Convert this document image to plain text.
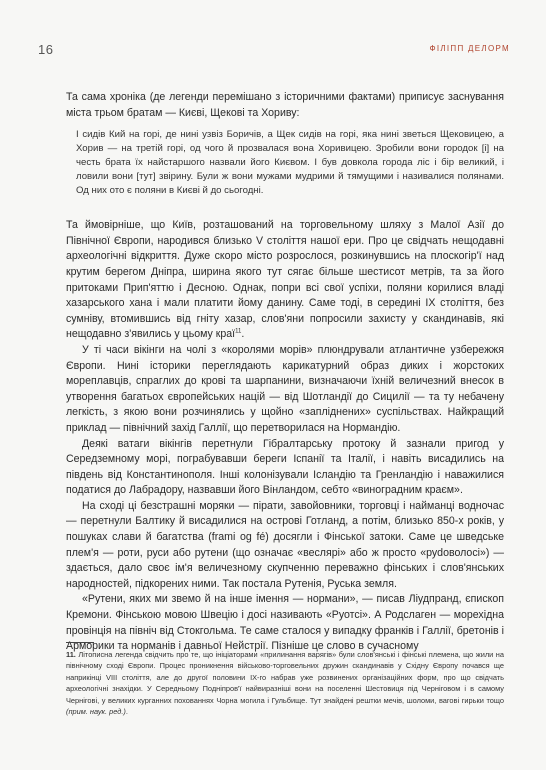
16	ФІЛІПП ДЕЛОРМ

Та сама хроніка (де легенди перемішано з історичними фактами) приписує заснування міста трьом братам — Києві, Щекові та Хориву:

І сидів Кий на горі, де нині узвіз Боричів, а Щек сидів на горі, яка нині зветься Щековицею, а Хорив — на третій горі, од чого й прозвалася вона Хоривицею. Зробили вони городок [і] на честь брата їх найстаршого назвали його Києвом. І був довкола города ліс і бір великий, і ловили вони [тут] звірину. Були ж вони мужами мудрими й тямущими і називалися полянами. Од них ото є поляни в Києві й до сьогодні.

Та ймовірніше, що Київ, розташований на торговельному шляху з Малої Азії до Північної Європи, народився близько V століття нашої ери. Про це свідчать нещодавні археологічні відкриття. Дуже скоро місто розрослося, розкинувшись на плоскогір'ї над крутим берегом Дніпра, ширина якого тут сягає більше шестисот метрів, та за його притоками Прип'яттю і Десною. Однак, попри всі свої успіхи, поляни корилися владі хазарського хана і мали платити йому данину. Саме тоді, в середині IX століття, без сумніву, втомившись від гніту хазар, слов'яни попросили захисту у скандинавів, які нещодавно з'явились у цьому краї$^{11}$.

У ті часи вікінги на чолі з «королями морів» плюндрували атлантичне узбережжя Європи. Нині історики переглядають карикатурний образ диких і жорстоких мореплавців, спраглих до крові та шарпанини, визначаючи їхній величезний внесок в утворення багатьох європейських націй — від Шотландії до Сицилії — та ту небачену легкість, з якою вони розчинялись у щойно «запліднених» суспільствах. Найкращий приклад — північний захід Галлії, що перетворилася на Нормандію.

Деякі ватаги вікінгів перетнули Гібралтарську протоку й зазнали пригод у Середземному морі, пограбувавши береги Іспанії та Італії, і навіть висадились на південь від Константинополя. Інші колонізували Ісландію та Гренландію і наважилися податися до Лабрадору, назвавши його Вінландом, себто «виноградним краєм».

На сході ці безстрашні моряки — пірати, завойовники, торговці і найманці водночас — перетнули Балтику й висадилися на острові Готланд, а потім, близько 850-х років, у пошуках слави й багатства (frami og fé) досягли і Фінської затоки. Саме це шведське плем'я — роти, руси або рутени (що означає «веслярі» або ж просто «руdоволосі») — здається, дало своє ім'я величезному скупченню переважно фінських і слов'янських народностей, підкорених ними. Так постала Рутенія, Руська земля.

«Рутени, яких ми звемо й на інше імення — нормани», — писав Ліудпранд, єпископ Кремони. Фінською мовою Швецію і досі називають «Руотсі». А Родслаген — морехідна провінція на північ від Стокгольма. Те саме сталося у випадку франків і Галлії, бретонів і Арморики та норманів і давньої Нейстрії. Пізніше це слово в сучасному

11. Літописна легенда свідчить про те, що ініціаторами «прилинання варягів» були слов'янські і фінські племена, що жили на північному сході Європи. Процес проникнення військово-торговельних дружин скандинавів у Східну Європу почався ще наприкінці VIII століття, але до другої половини IX-го набрав уже розвинених організаційних форм, про що свідчать археологічні знахідки. У Середньому Подніпров'ї найвиразніші вони на поселенні Шестовиця під Черніговом і в самому Чернігові, у великих курганних похованнях Чорна могила і Гульбище. Тут знайдені рештки мечів, шоломи, вагові гирьки тощо (прим. наук. ред.).
